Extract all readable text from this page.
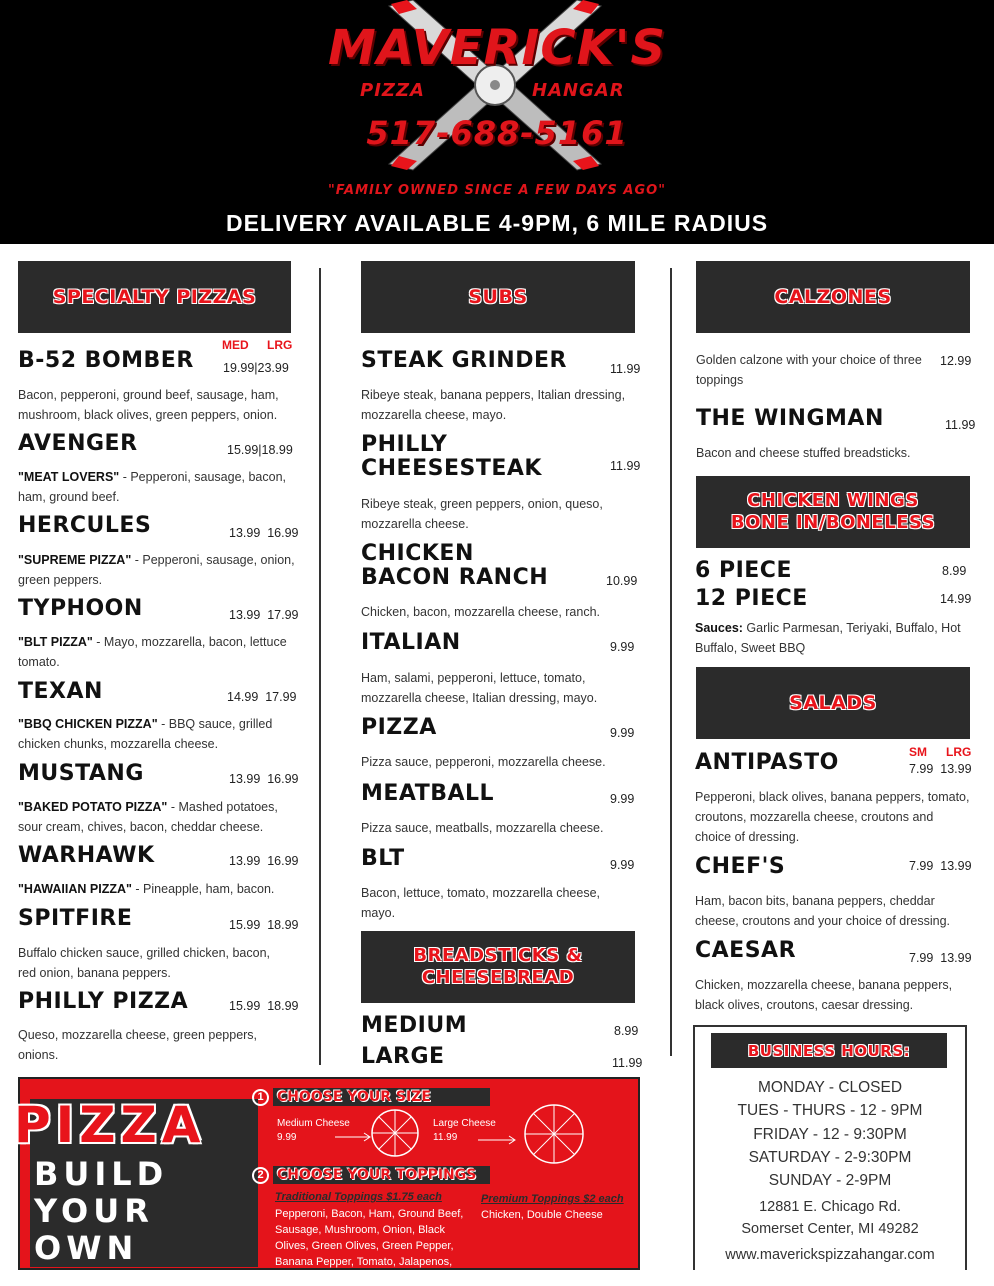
MAVERICK'S
PIZZA	HANGAR
517-688-5161
"FAMILY OWNED SINCE A FEW DAYS AGO"
DELIVERY AVAILABLE 4-9PM, 6 MILE RADIUS
SPECIALTY PIZZAS
MED LRG
B-52 BOMBER 19.99|23.99
Bacon, pepperoni, ground beef, sausage, ham, mushroom, black olives, green peppers, onion.
AVENGER	15.99|18.99
"MEAT LOVERS" - Pepperoni, sausage, bacon, ham, ground beef.
HERCULES	13.99  16.99
"SUPREME PIZZA" - Pepperoni, sausage, onion, green peppers.
TYPHOON	13.99  17.99
"BLT PIZZA" - Mayo, mozzarella, bacon, lettuce tomato.
TEXAN	14.99  17.99
"BBQ CHICKEN PIZZA" - BBQ sauce, grilled chicken chunks, mozzarella cheese.
MUSTANG	13.99  16.99
"BAKED POTATO PIZZA" - Mashed potatoes, sour cream, chives, bacon, cheddar cheese.
WARHAWK	13.99  16.99
"HAWAIIAN PIZZA" - Pineapple, ham, bacon.
SPITFIRE	15.99  18.99
Buffalo chicken sauce, grilled chicken, bacon, red onion, banana peppers.
PHILLY PIZZA	15.99  18.99
Queso, mozzarella cheese, green peppers, onions.
SUBS
STEAK GRINDER	11.99
Ribeye steak, banana peppers, Italian dressing, mozzarella cheese, mayo.
PHILLY
CHEESESTEAK	11.99
Ribeye steak, green peppers, onion, queso, mozzarella cheese.
CHICKEN
BACON RANCH	10.99
Chicken, bacon, mozzarella cheese, ranch.
ITALIAN	9.99
Ham, salami, pepperoni, lettuce, tomato, mozzarella cheese, Italian dressing, mayo.
PIZZA	9.99
Pizza sauce, pepperoni, mozzarella cheese.
MEATBALL	9.99
Pizza sauce, meatballs, mozzarella cheese.
BLT	9.99
Bacon, lettuce, tomato, mozzarella cheese, mayo.
BREADSTICKS &
CHEESEBREAD
MEDIUM	8.99
LARGE	11.99
CALZONES
Golden calzone with your choice of three toppings
12.99
THE WINGMAN	11.99
Bacon and cheese stuffed breadsticks.
CHICKEN WINGS
BONE IN/BONELESS
6 PIECE	8.99
12 PIECE	14.99
Sauces: Garlic Parmesan, Teriyaki, Buffalo, Hot Buffalo, Sweet BBQ
SALADS
SM LRG
ANTIPASTO	7.99  13.99
Pepperoni, black olives, banana peppers, tomato, croutons, mozzarella cheese, croutons and choice of dressing.
CHEF'S	7.99  13.99
Ham, bacon bits, banana peppers, cheddar cheese, croutons and your choice of dressing.
CAESAR	7.99  13.99
Chicken, mozzarella cheese, banana peppers, black olives, croutons, caesar dressing.
PIZZA
BUILD
YOUR
OWN
1 CHOOSE YOUR SIZE
Medium Cheese
9.99
Large Cheese
11.99
2 CHOOSE YOUR TOPPINGS
Traditional Toppings $1.75 each
Pepperoni, Bacon, Ham, Ground Beef, Sausage, Mushroom, Onion, Black Olives, Green Olives, Green Pepper, Banana Pepper, Tomato, Jalapenos, Pineapple
Premium Toppings $2 each
Chicken, Double Cheese
BUSINESS HOURS:
MONDAY - CLOSED
TUES - THURS - 12 - 9PM
FRIDAY - 12 - 9:30PM
SATURDAY - 2-9:30PM
SUNDAY - 2-9PM
12881 E. Chicago Rd.
Somerset Center, MI 49282
www.maverickspizzahangar.com
